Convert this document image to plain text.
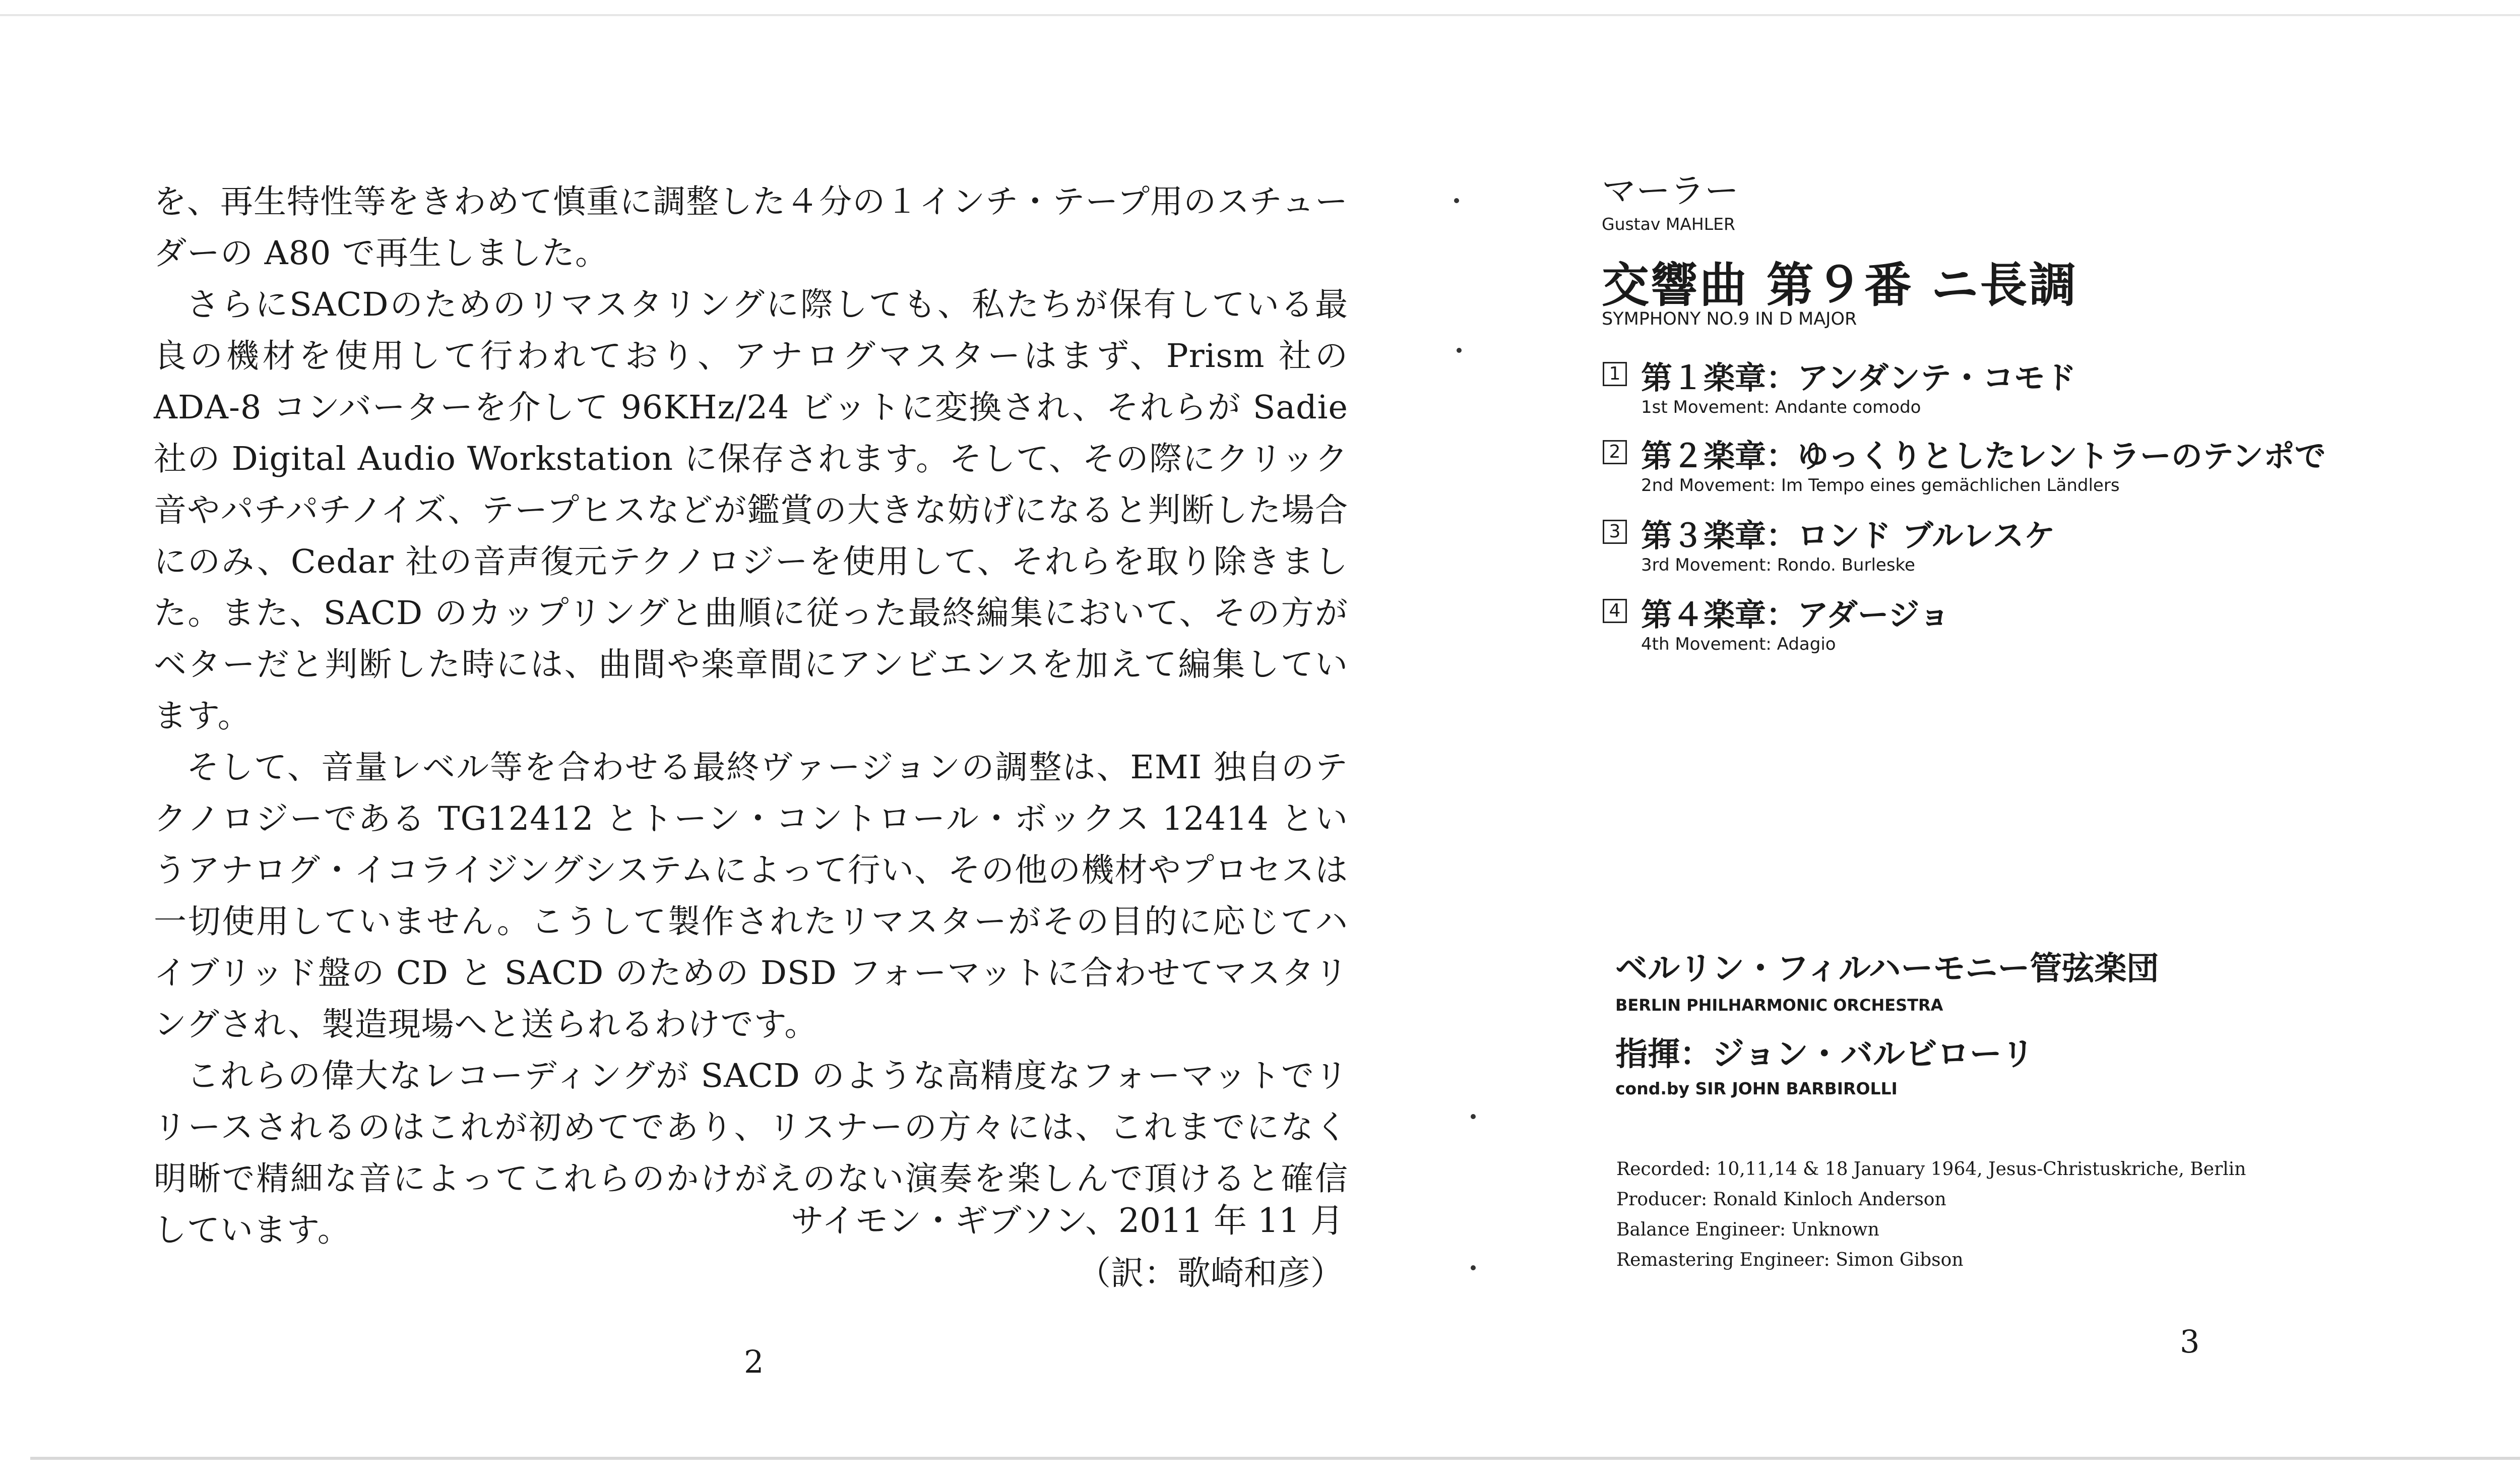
を、再生特性等をきわめて慎重に調整した４分の１インチ・テープ用のスチューダーの A80 で再生しました。

さらにSACDのためのリマスタリングに際しても、私たちが保有している最良の機材を使用して行われており、アナログマスターはまず、Prism 社の ADA-8 コンバーターを介して 96KHz/24 ビットに変換され、それらが Sadie 社の Digital Audio Workstation に保存されます。そして、その際にクリック音やパチパチノイズ、テープヒスなどが鑑賞の大きな妨げになると判断した場合にのみ、Cedar 社の音声復元テクノロジーを使用して、それらを取り除きました。また、SACD のカップリングと曲順に従った最終編集において、その方がベターだと判断した時には、曲間や楽章間にアンビエンスを加えて編集しています。

そして、音量レベル等を合わせる最終ヴァージョンの調整は、EMI 独自のテクノロジーである TG12412 とトーン・コントロール・ボックス 12414 というアナログ・イコライジングシステムによって行い、その他の機材やプロセスは一切使用していません。こうして製作されたリマスターがその目的に応じてハイブリッド盤の CD と SACD のための DSD フォーマットに合わせてマスタリングされ、製造現場へと送られるわけです。

これらの偉大なレコーディングが SACD のような高精度なフォーマットでリリースされるのはこれが初めてであり、リスナーの方々には、これまでになく明晰で精細な音によってこれらのかけがえのない演奏を楽しんで頂けると確信しています。	サイモン・ギブソン、2011 年 11 月
（訳：歌崎和彦）
2
マーラー
Gustav MAHLER
交響曲 第９番 ニ長調
SYMPHONY NO.9 IN D MAJOR
1 第１楽章：アンダンテ・コモド
1st Movement: Andante comodo
2 第２楽章：ゆっくりとしたレントラーのテンポで
2nd Movement: Im Tempo eines gemächlichen Ländlers
3 第３楽章：ロンド ブルレスケ
3rd Movement: Rondo. Burleske
4 第４楽章：アダージョ
4th Movement: Adagio
ベルリン・フィルハーモニー管弦楽団
BERLIN PHILHARMONIC ORCHESTRA
指揮：ジョン・バルビローリ
cond.by SIR JOHN BARBIROLLI
Recorded: 10,11,14 & 18 January 1964, Jesus-Christuskriche, Berlin
Producer: Ronald Kinloch Anderson
Balance Engineer: Unknown
Remastering Engineer: Simon Gibson
3
